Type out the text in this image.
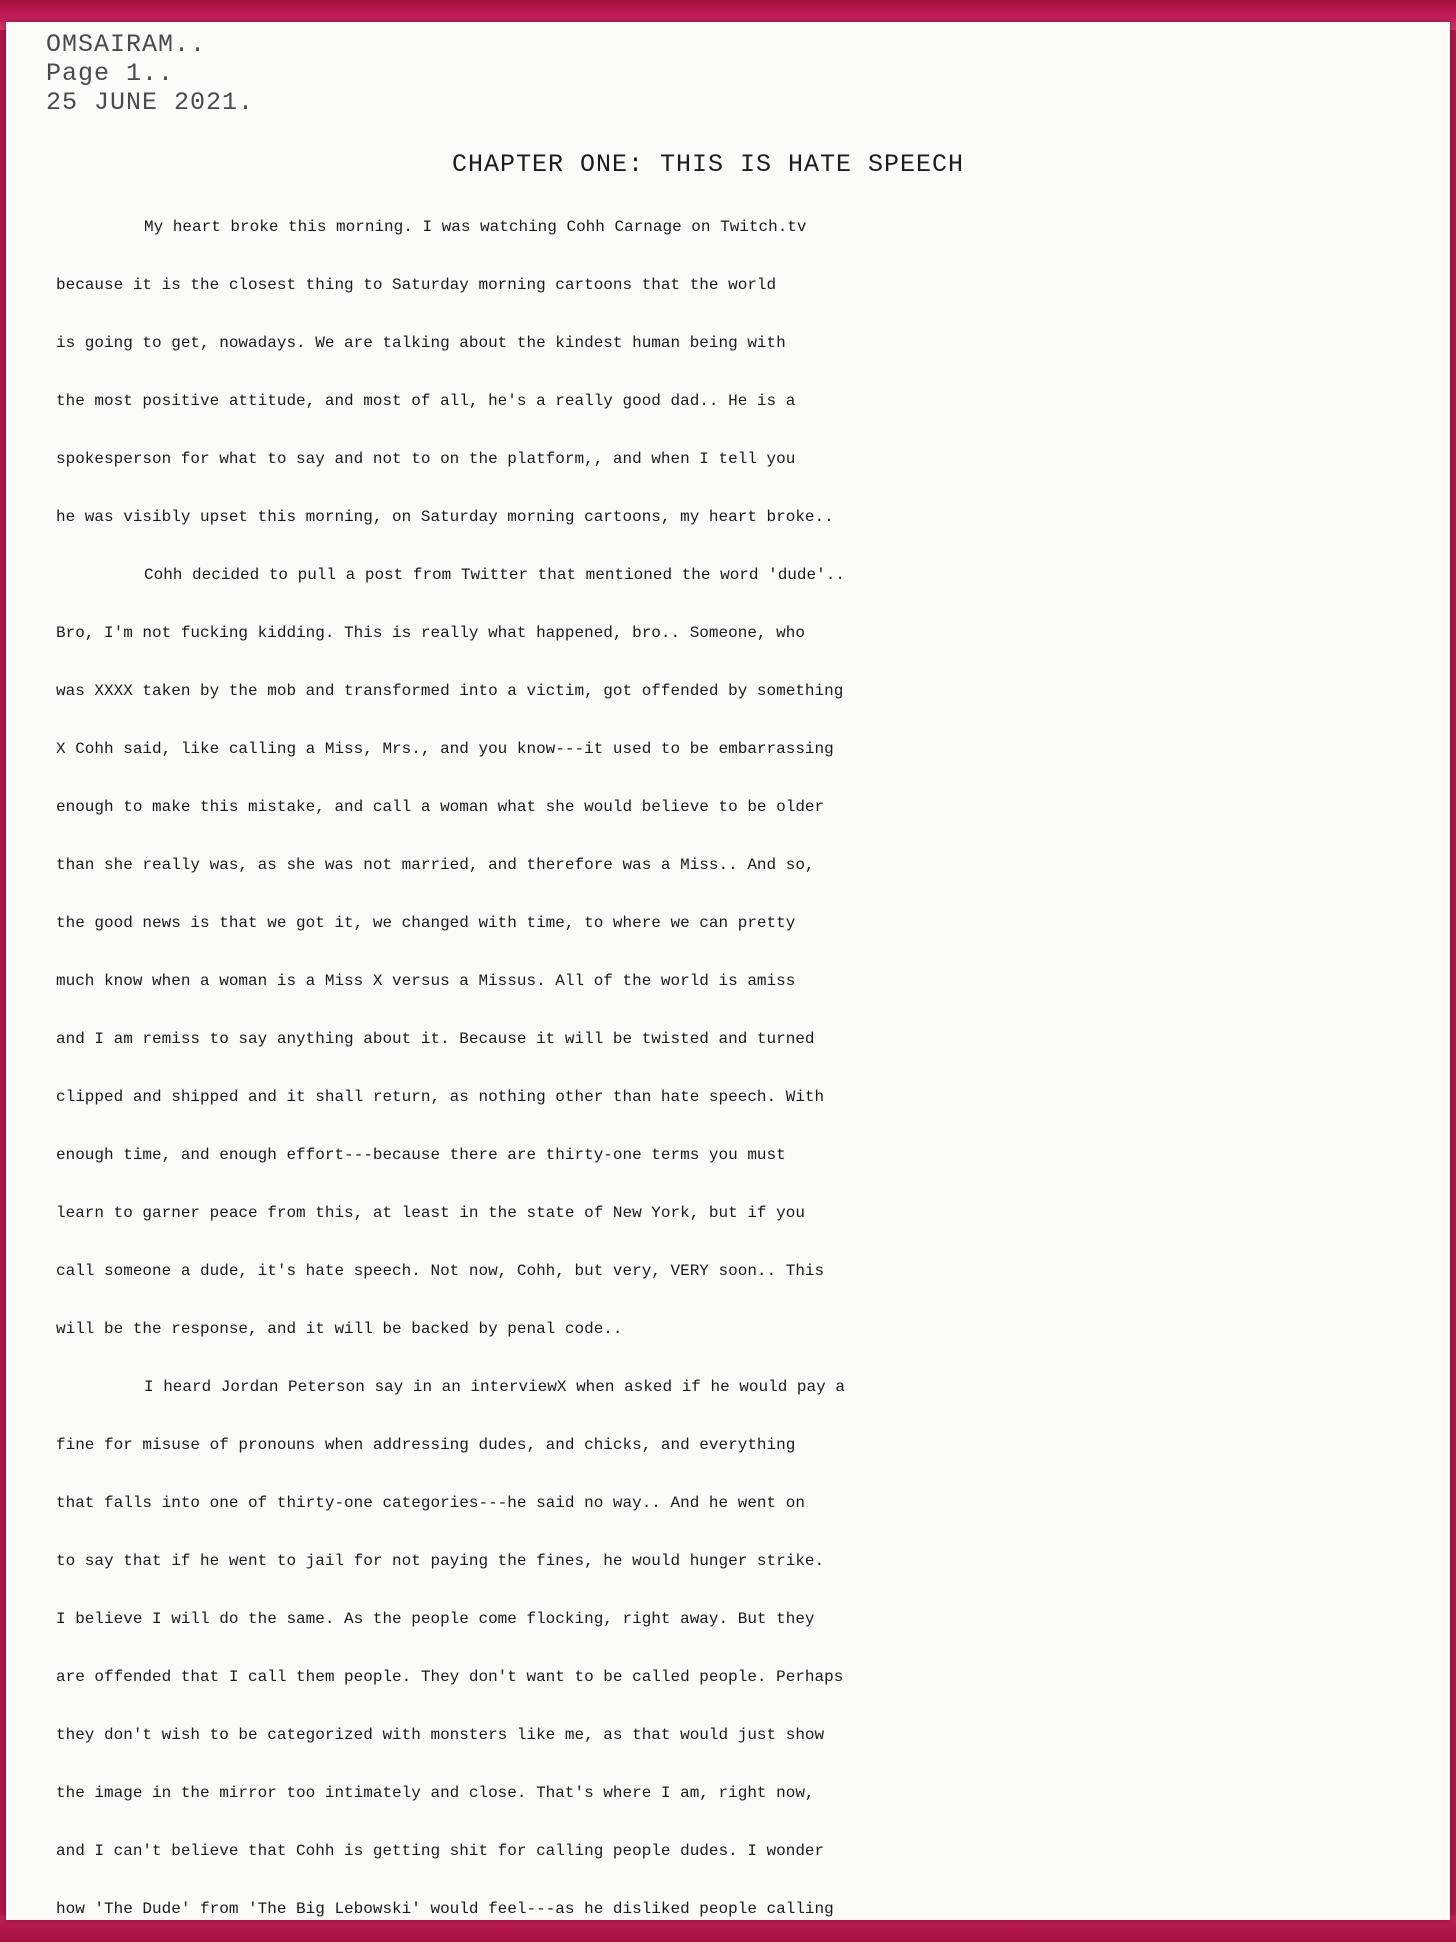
OMSAIRAM..
Page 1..
25 JUNE 2021.
CHAPTER ONE: THIS IS HATE SPEECH
My heart broke this morning. I was watching Cohh Carnage on Twitch.tv
because it is the closest thing to Saturday morning cartoons that the world
is going to get, nowadays. We are talking about the kindest human being with
the most positive attitude, and most of all, he's a really good dad.. He is a
spokesperson for what to say and not to on the platform,, and when I tell you
he was visibly upset this morning, on Saturday morning cartoons, my heart broke..
Cohh decided to pull a post from Twitter that mentioned the word 'dude'..
Bro, I'm not fucking kidding. This is really what happened, bro.. Someone, who
was XXXX taken by the mob and transformed into a victim, got offended by something
X Cohh said, like calling a Miss, Mrs., and you know---it used to be embarrassing
enough to make this mistake, and call a woman what she would believe to be older
than she really was, as she was not married, and therefore was a Miss.. And so,
the good news is that we got it, we changed with time, to where we can pretty
much know when a woman is a Miss X versus a Missus. All of the world is amiss
and I am remiss to say anything about it. Because it will be twisted and turned
clipped and shipped and it shall return, as nothing other than hate speech. With
enough time, and enough effort---because there are thirty-one terms you must
learn to garner peace from this, at least in the state of New York, but if you
call someone a dude, it's hate speech. Not now, Cohh, but very, VERY soon.. This
will be the response, and it will be backed by penal code..
I heard Jordan Peterson say in an interviewX when asked if he would pay a
fine for misuse of pronouns when addressing dudes, and chicks, and everything
that falls into one of thirty-one categories---he said no way.. And he went on
to say that if he went to jail for not paying the fines, he would hunger strike.
I believe I will do the same. As the people come flocking, right away. But they
are offended that I call them people. They don't want to be called people. Perhaps
they don't wish to be categorized with monsters like me, as that would just show
the image in the mirror too intimately and close. That's where I am, right now,
and I can't believe that Cohh is getting shit for calling people dudes. I wonder
how 'The Dude' from 'The Big Lebowski' would feel---as he disliked people calling
